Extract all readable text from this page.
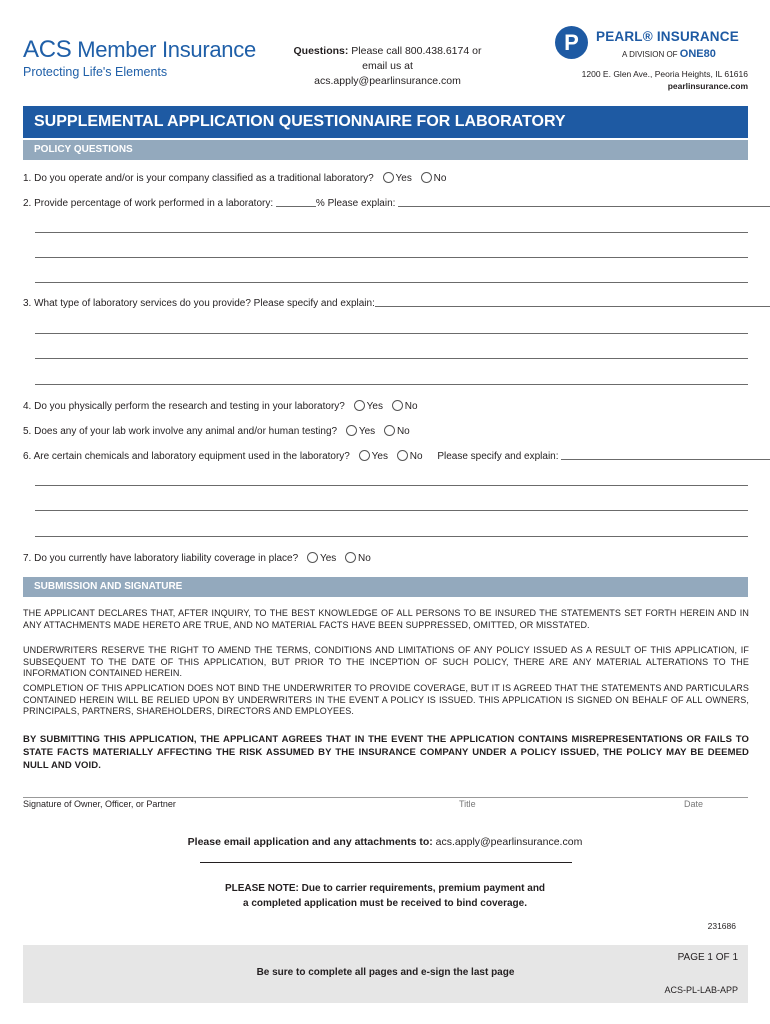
ACS Member Insurance
Protecting Life's Elements
Questions: Please call 800.438.6174 or
email us at acs.apply@pearlinsurance.com
P	PEARL® INSURANCE
A DIVISION OF ONE80
1200 E. Glen Ave., Peoria Heights, IL 61616
pearlinsurance.com
SUPPLEMENTAL APPLICATION QUESTIONNAIRE FOR LABORATORY
POLICY QUESTIONS
1. Do you operate and/or is your company classified as a traditional laboratory? Yes No
2. Provide percentage of work performed in a laboratory:	% Please explain:
3. What type of laboratory services do you provide? Please specify and explain:
4. Do you physically perform the research and testing in your laboratory? Yes No
5. Does any of your lab work involve any animal and/or human testing? Yes No
6. Are certain chemicals and laboratory equipment used in the laboratory? Yes No Please specify and explain:
7. Do you currently have laboratory liability coverage in place? Yes No
SUBMISSION AND SIGNATURE
THE APPLICANT DECLARES THAT, AFTER INQUIRY, TO THE BEST KNOWLEDGE OF ALL PERSONS TO BE INSURED THE STATEMENTS SET FORTH HEREIN AND IN ANY ATTACHMENTS MADE HERETO ARE TRUE, AND NO MATERIAL FACTS HAVE BEEN SUPPRESSED, OMITTED, OR MISSTATED.
UNDERWRITERS RESERVE THE RIGHT TO AMEND THE TERMS, CONDITIONS AND LIMITATIONS OF ANY POLICY ISSUED AS A RESULT OF THIS APPLICATION, IF SUBSEQUENT TO THE DATE OF THIS APPLICATION, BUT PRIOR TO THE INCEPTION OF SUCH POLICY, THERE ARE ANY MATERIAL ALTERATIONS TO THE INFORMATION CONTAINED HEREIN.
COMPLETION OF THIS APPLICATION DOES NOT BIND THE UNDERWRITER TO PROVIDE COVERAGE, BUT IT IS AGREED THAT THE STATEMENTS AND PARTICULARS CONTAINED HEREIN WILL BE RELIED UPON BY UNDERWRITERS IN THE EVENT A POLICY IS ISSUED. THIS APPLICATION IS SIGNED ON BEHALF OF ALL OWNERS, PRINCIPALS, PARTNERS, SHAREHOLDERS, DIRECTORS AND EMPLOYEES.
BY SUBMITTING THIS APPLICATION, THE APPLICANT AGREES THAT IN THE EVENT THE APPLICATION CONTAINS MISREPRESENTATIONS OR FAILS TO STATE FACTS MATERIALLY AFFECTING THE RISK ASSUMED BY THE INSURANCE COMPANY UNDER A POLICY ISSUED, THE POLICY MAY BE DEEMED NULL AND VOID.
Signature of Owner, Officer, or Partner	Title	Date
Please email application and any attachments to: acs.apply@pearlinsurance.com
PLEASE NOTE: Due to carrier requirements, premium payment and
a completed application must be received to bind coverage.
231686
Be sure to complete all pages and e-sign the last page
PAGE 1 OF 1
ACS-PL-LAB-APP
